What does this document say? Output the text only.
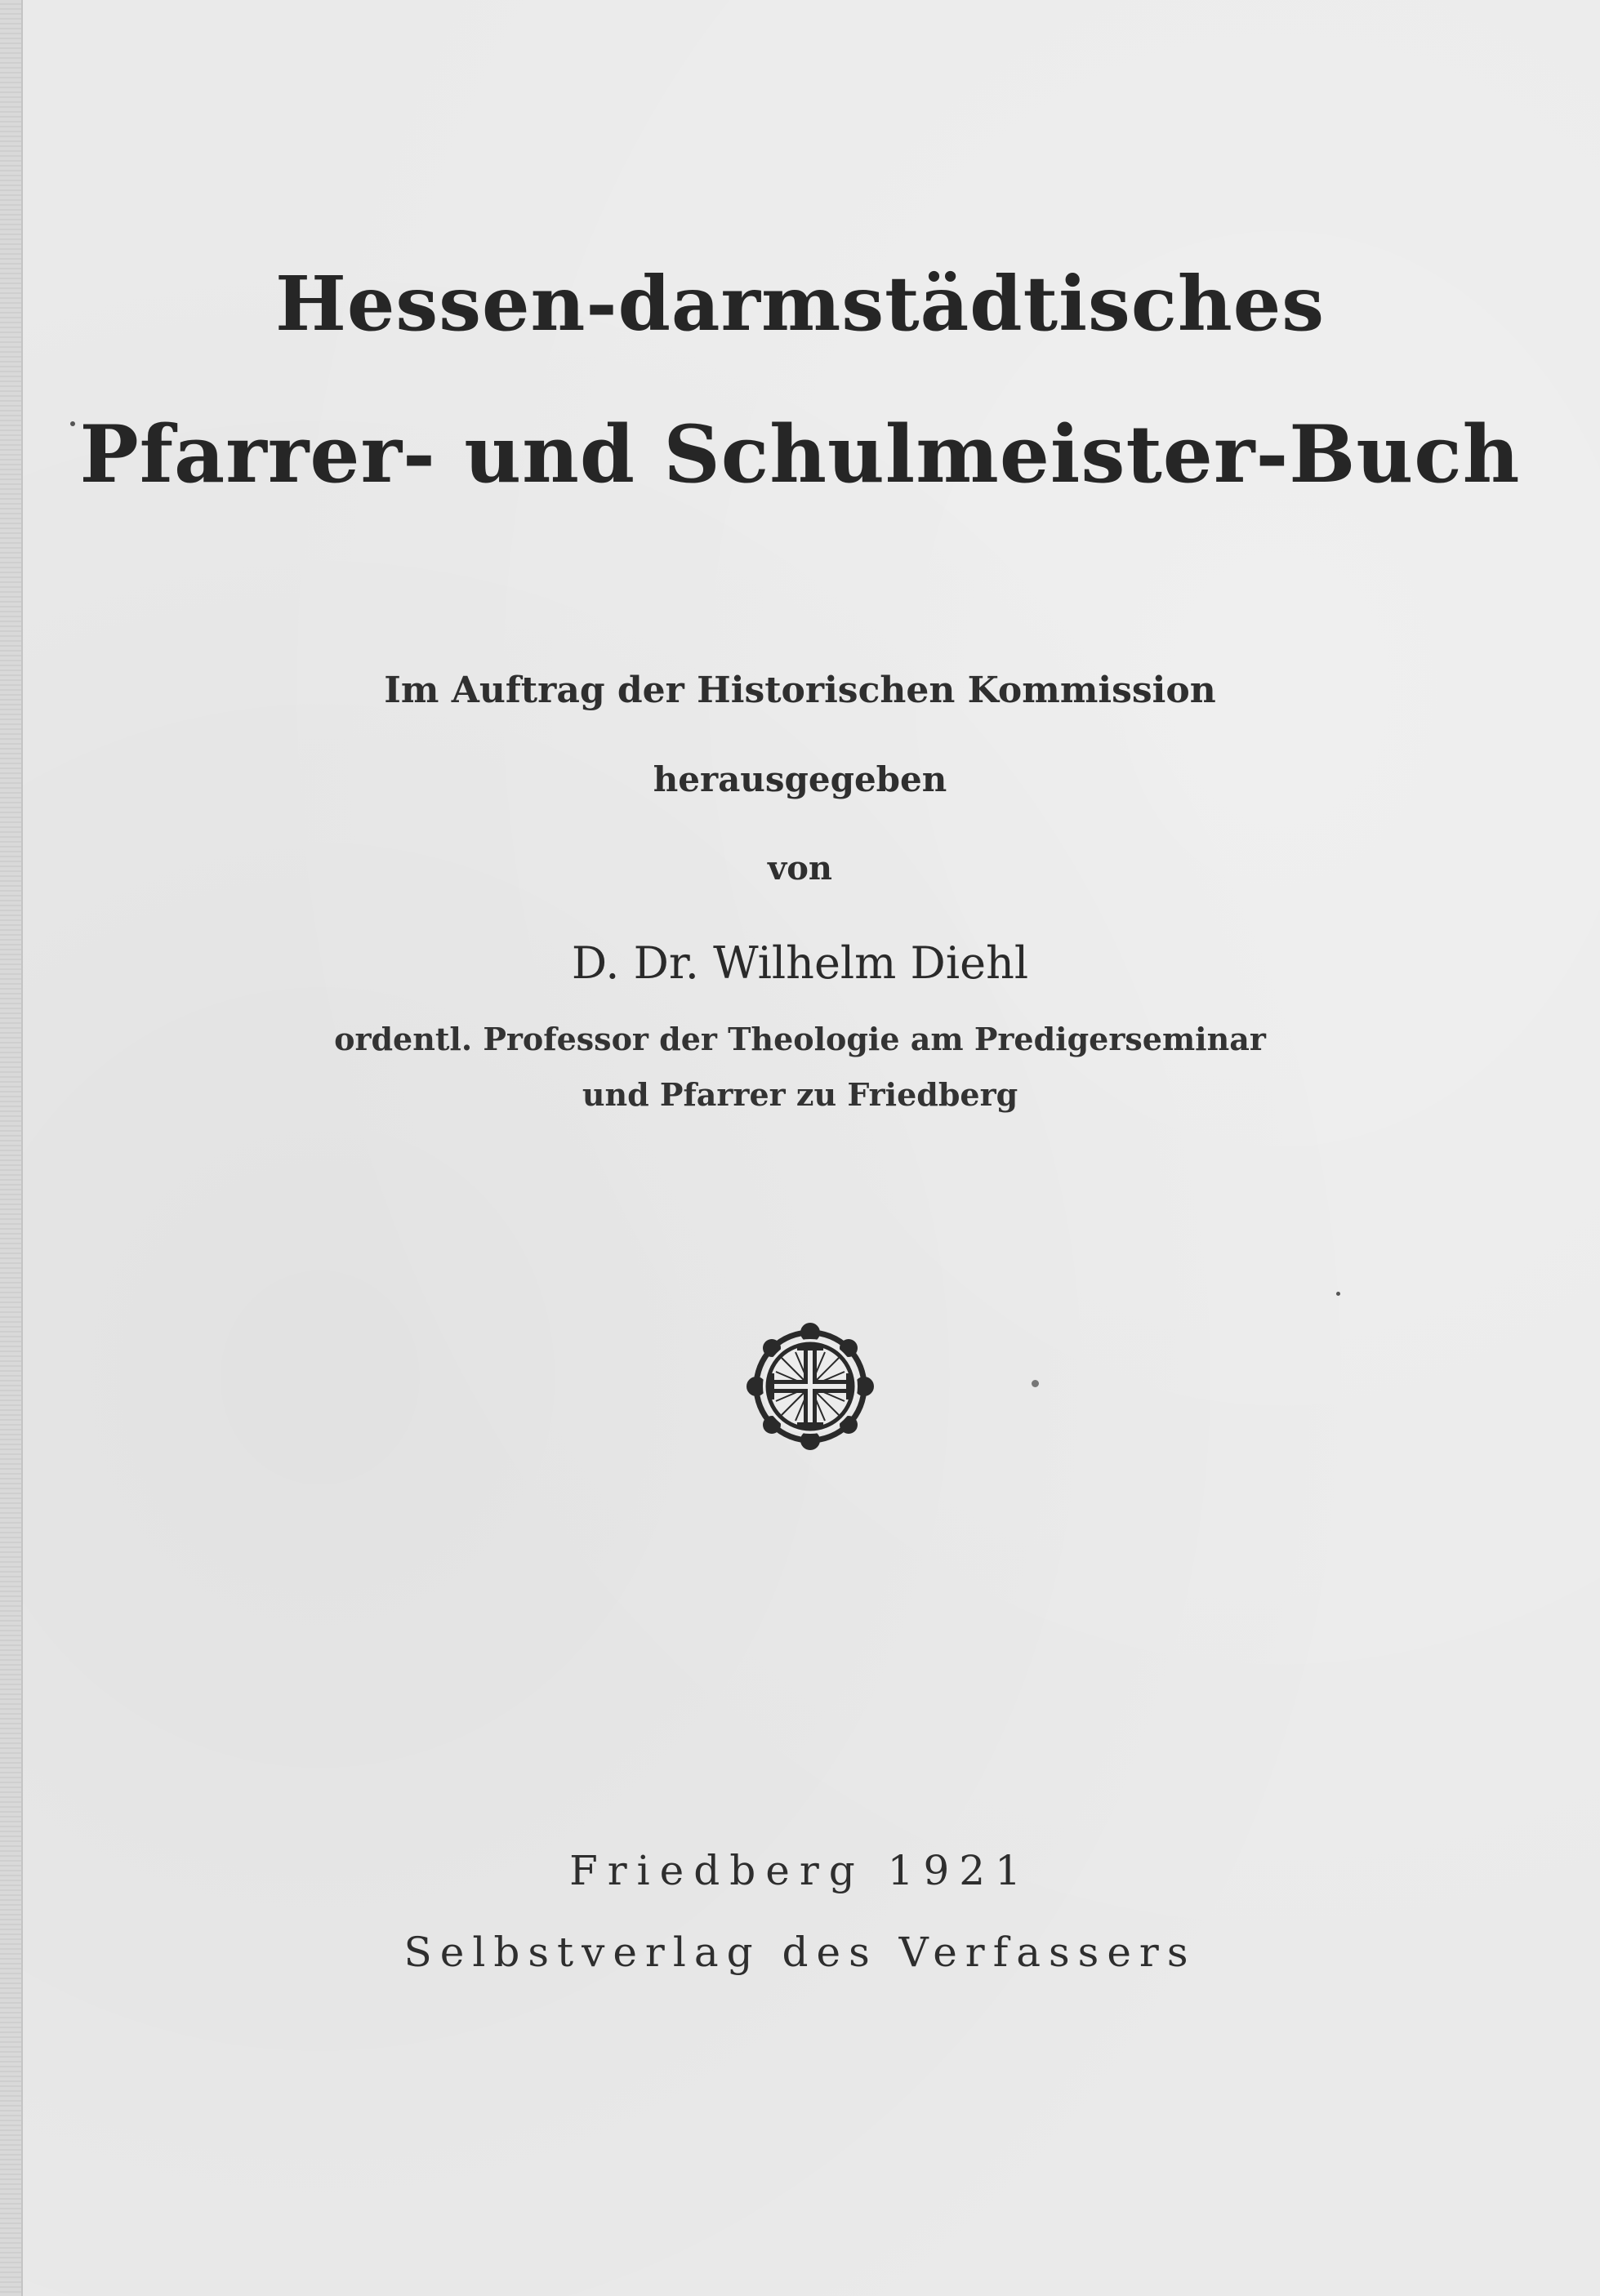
Hessen-darmstädtisches
Pfarrer- und Schulmeister-Buch
Im Auftrag der Historischen Kommission
herausgegeben
von
D. Dr. Wilhelm Diehl
ordentl. Professor der Theologie am Predigerseminar
und Pfarrer zu Friedberg
Friedberg 1921
Selbstverlag des Verfassers
